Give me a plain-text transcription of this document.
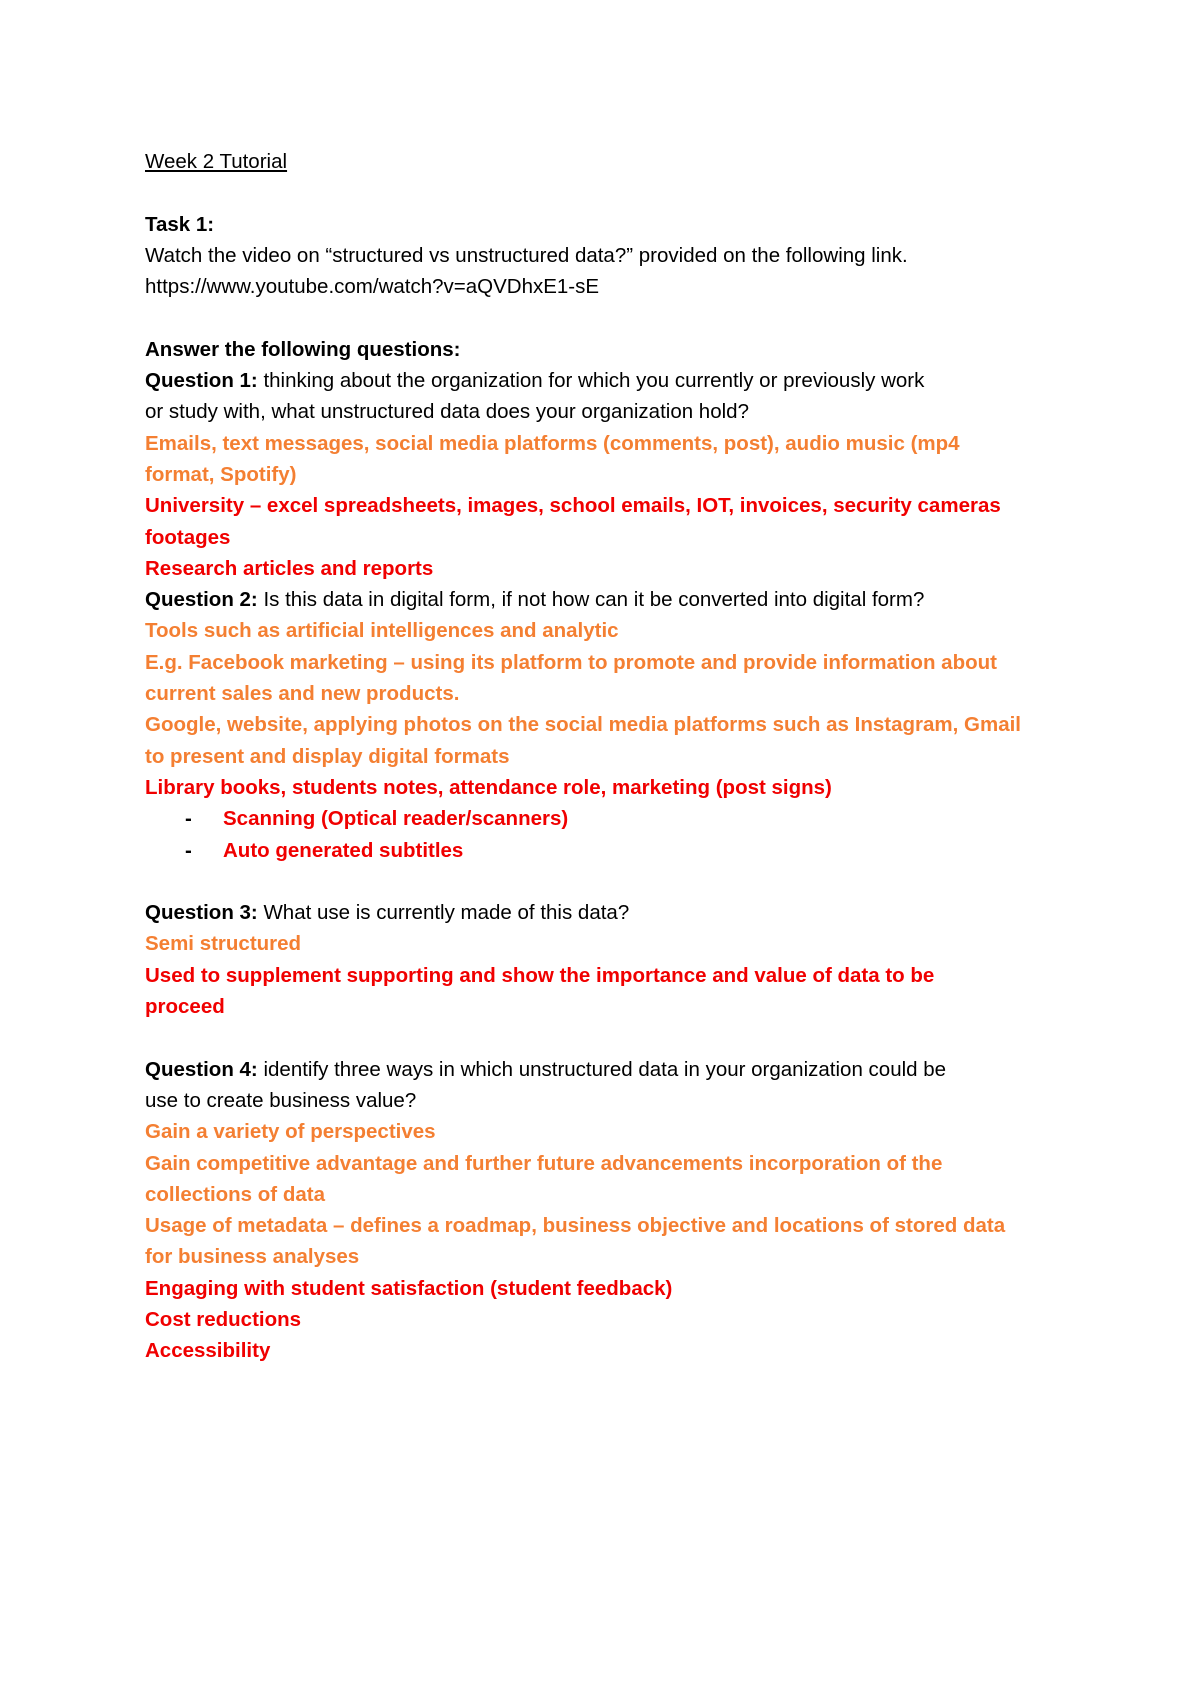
Week 2 Tutorial

Task 1:

Watch the video on “structured vs unstructured data?” provided on the following link.

https://www.youtube.com/watch?v=aQVDhxE1-sE

Answer the following questions:

Question 1: thinking about the organization for which you currently or previously work

or study with, what unstructured data does your organization hold?

Emails, text messages, social media platforms (comments, post), audio music (mp4

format, Spotify)

University – excel spreadsheets, images, school emails, IOT, invoices, security cameras

footages

Research articles and reports

Question 2: Is this data in digital form, if not how can it be converted into digital form?

Tools such as artificial intelligences and analytic

E.g. Facebook marketing – using its platform to promote and provide information about

current sales and new products.

Google, website, applying photos on the social media platforms such as Instagram, Gmail

to present and display digital formats

Library books, students notes, attendance role, marketing (post signs)

-	Scanning (Optical reader/scanners)
-	Auto generated subtitles

Question 3: What use is currently made of this data?

Semi structured

Used to supplement supporting and show the importance and value of data to be

proceed

Question 4: identify three ways in which unstructured data in your organization could be

use to create business value?

Gain a variety of perspectives

Gain competitive advantage and further future advancements incorporation of the

collections of data

Usage of metadata – defines a roadmap, business objective and locations of stored data

for business analyses

Engaging with student satisfaction (student feedback)

Cost reductions

Accessibility
